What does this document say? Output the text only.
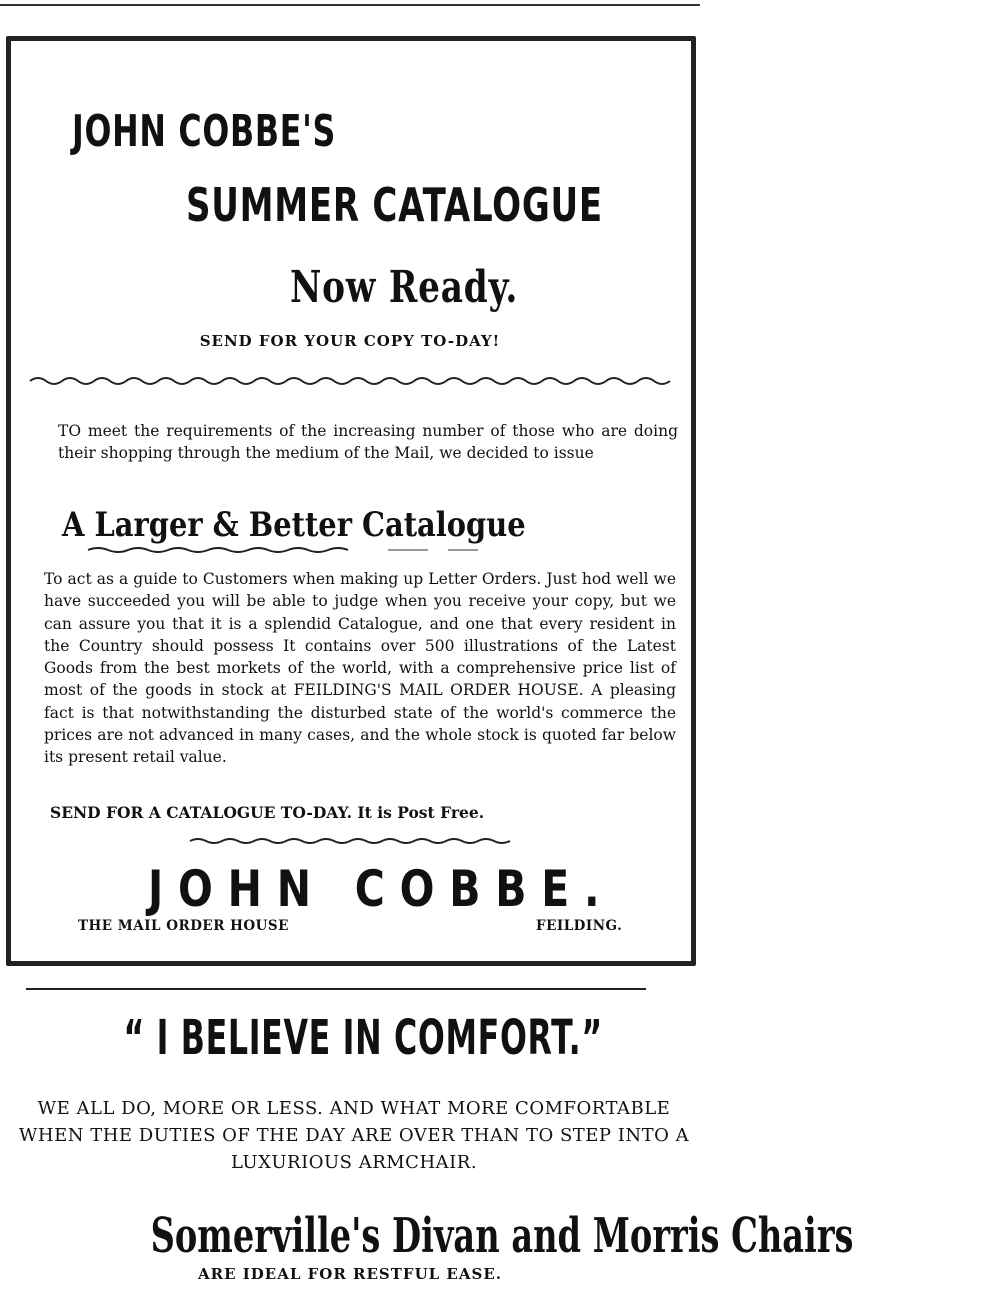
JOHN COBBE'S
SUMMER CATALOGUE
Now Ready.
SEND FOR YOUR COPY TO-DAY!
TO meet the requirements of the increasing number of those who are doing their shopping through the medium of the Mail, we decided to issue
A Larger & Better Catalogue

To act as a guide to Customers when making up Letter Orders. Just hod well we have succeeded you will be able to judge when you receive your copy, but we can assure you that it is a splendid Catalogue, and one that every resident in the Country should possess It contains over 500 illustrations of the Latest Goods from the best morkets of the world, with a comprehensive price list of most of the goods in stock at FEILDING'S MAIL ORDER HOUSE. A pleasing fact is that notwithstanding the disturbed state of the world's commerce the prices are not advanced in many cases, and the whole stock is quoted far below its present retail value.

SEND FOR A CATALOGUE TO-DAY. It is Post Free.
JOHN COBBE.
THE MAIL ORDER HOUSE	FEILDING.
“ I BELIEVE IN COMFORT.”
WE ALL DO, MORE OR LESS. AND WHAT MORE COMFORTABLE WHEN THE DUTIES OF THE DAY ARE OVER THAN TO STEP INTO A LUXURIOUS ARMCHAIR.
Somerville's Divan and Morris Chairs
ARE IDEAL FOR RESTFUL EASE.
